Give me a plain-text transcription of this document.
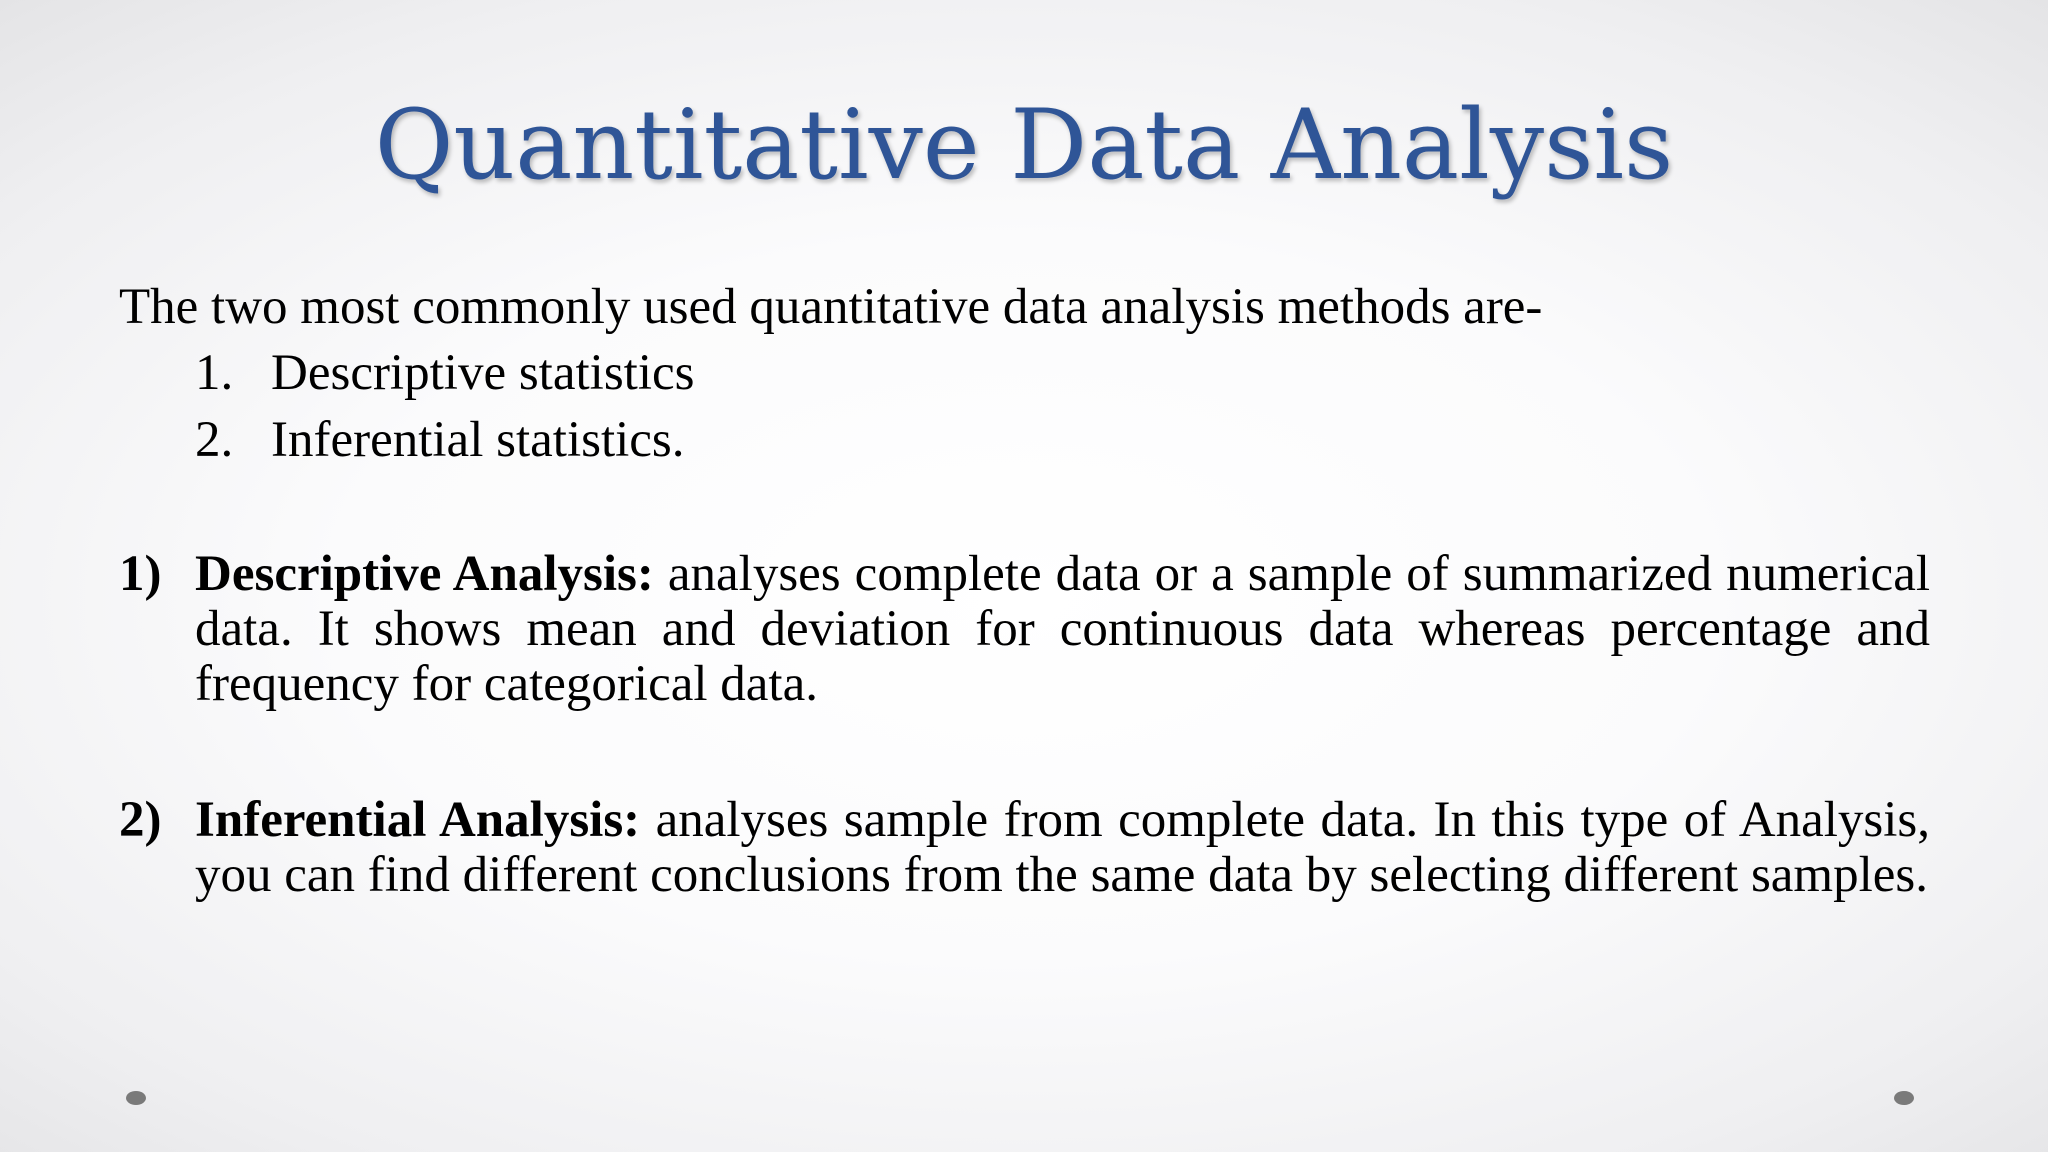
Quantitative Data Analysis
The two most commonly used quantitative data analysis methods are-
1. Descriptive statistics
2. Inferential statistics.
1) Descriptive Analysis: analyses complete data or a sample of summarized numerical data. It shows mean and deviation for continuous data whereas percentage and frequency for categorical data.
2) Inferential Analysis: analyses sample from complete data. In this type of Analysis, you can find different conclusions from the same data by selecting different samples.
